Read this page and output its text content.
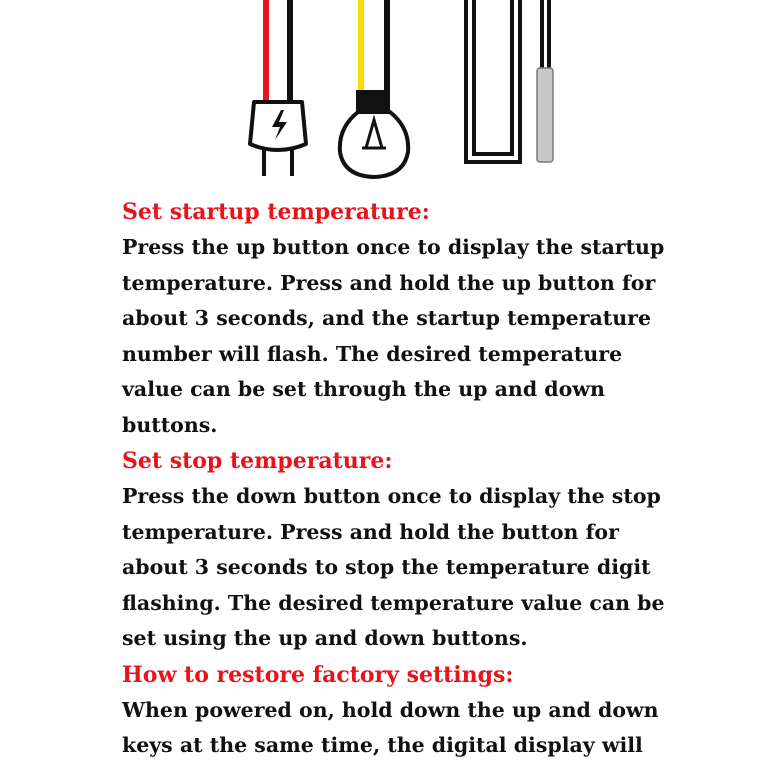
Set startup temperature:
Press the up button once to display the startup temperature. Press and hold the up button for about 3 seconds, and the startup temperature number will flash. The desired temperature value can be set through the up and down buttons.
Set stop temperature:
Press the down button once to display the stop temperature. Press and hold the button for about 3 seconds to stop the temperature digit flashing. The desired temperature value can be set using the up and down buttons.
How to restore factory settings:
When powered on, hold down the up and down keys at the same time, the digital display will
